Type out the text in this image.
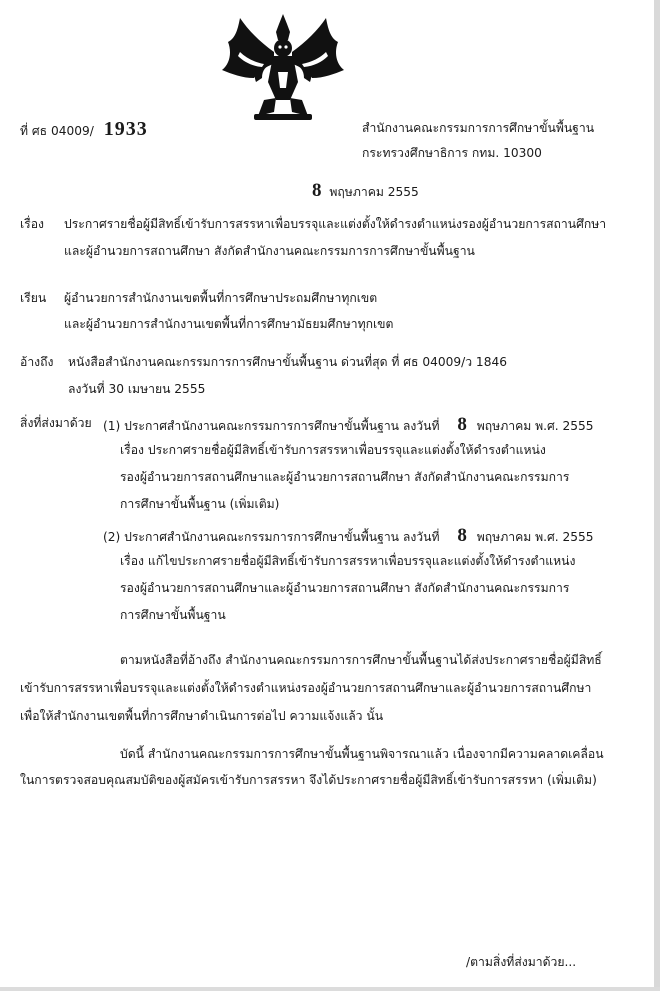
ที่ ศธ 04009/ 1933	สำนักงานคณะกรรมการการศึกษาขั้นพื้นฐาน
กระทรวงศึกษาธิการ กทม. 10300
8 พฤษภาคม 2555
เรื่อง ประกาศรายชื่อผู้มีสิทธิ์เข้ารับการสรรหาเพื่อบรรจุและแต่งตั้งให้ดำรงตำแหน่งรองผู้อำนวยการสถานศึกษา
และผู้อำนวยการสถานศึกษา สังกัดสำนักงานคณะกรรมการการศึกษาขั้นพื้นฐาน
เรียน ผู้อำนวยการสำนักงานเขตพื้นที่การศึกษาประถมศึกษาทุกเขต
และผู้อำนวยการสำนักงานเขตพื้นที่การศึกษามัธยมศึกษาทุกเขต
อ้างถึง หนังสือสำนักงานคณะกรรมการการศึกษาขั้นพื้นฐาน ด่วนที่สุด ที่ ศธ 04009/ว 1846
ลงวันที่ 30 เมษายน 2555
สิ่งที่ส่งมาด้วย (1) ประกาศสำนักงานคณะกรรมการการศึกษาขั้นพื้นฐาน ลงวันที่ 8 พฤษภาคม พ.ศ. 2555
เรื่อง ประกาศรายชื่อผู้มีสิทธิ์เข้ารับการสรรหาเพื่อบรรจุและแต่งตั้งให้ดำรงตำแหน่ง
รองผู้อำนวยการสถานศึกษาและผู้อำนวยการสถานศึกษา สังกัดสำนักงานคณะกรรมการ
การศึกษาขั้นพื้นฐาน (เพิ่มเติม)
(2) ประกาศสำนักงานคณะกรรมการการศึกษาขั้นพื้นฐาน ลงวันที่ 8 พฤษภาคม พ.ศ. 2555
เรื่อง แก้ไขประกาศรายชื่อผู้มีสิทธิ์เข้ารับการสรรหาเพื่อบรรจุและแต่งตั้งให้ดำรงตำแหน่ง
รองผู้อำนวยการสถานศึกษาและผู้อำนวยการสถานศึกษา สังกัดสำนักงานคณะกรรมการ
การศึกษาขั้นพื้นฐาน
ตามหนังสือที่อ้างถึง สำนักงานคณะกรรมการการศึกษาขั้นพื้นฐานได้ส่งประกาศรายชื่อผู้มีสิทธิ์
เข้ารับการสรรหาเพื่อบรรจุและแต่งตั้งให้ดำรงตำแหน่งรองผู้อำนวยการสถานศึกษาและผู้อำนวยการสถานศึกษา
เพื่อให้สำนักงานเขตพื้นที่การศึกษาดำเนินการต่อไป ความแจ้งแล้ว นั้น
บัดนี้ สำนักงานคณะกรรมการการศึกษาขั้นพื้นฐานพิจารณาแล้ว เนื่องจากมีความคลาดเคลื่อน
ในการตรวจสอบคุณสมบัติของผู้สมัครเข้ารับการสรรหา จึงได้ประกาศรายชื่อผู้มีสิทธิ์เข้ารับการสรรหา (เพิ่มเติม)
/ตามสิ่งที่ส่งมาด้วย...
